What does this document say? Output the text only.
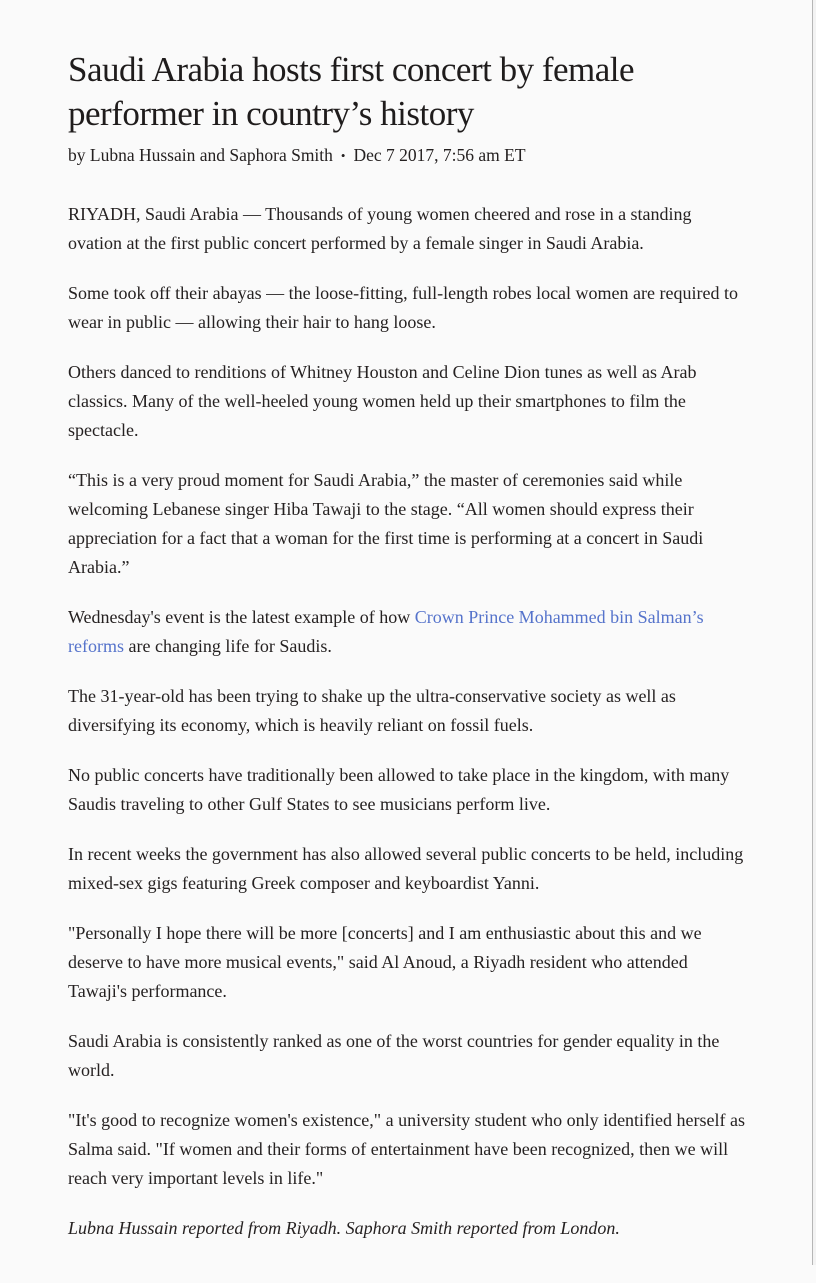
Saudi Arabia hosts first concert by female performer in country’s history
by Lubna Hussain and Saphora Smith • Dec 7 2017, 7:56 am ET

RIYADH, Saudi Arabia — Thousands of young women cheered and rose in a standing ovation at the first public concert performed by a female singer in Saudi Arabia.

Some took off their abayas — the loose-fitting, full-length robes local women are required to wear in public — allowing their hair to hang loose.

Others danced to renditions of Whitney Houston and Celine Dion tunes as well as Arab classics. Many of the well-heeled young women held up their smartphones to film the spectacle.

“This is a very proud moment for Saudi Arabia,” the master of ceremonies said while welcoming Lebanese singer Hiba Tawaji to the stage. “All women should express their appreciation for a fact that a woman for the first time is performing at a concert in Saudi Arabia.”

Wednesday's event is the latest example of how Crown Prince Mohammed bin Salman’s reforms are changing life for Saudis.

The 31-year-old has been trying to shake up the ultra-conservative society as well as diversifying its economy, which is heavily reliant on fossil fuels.

No public concerts have traditionally been allowed to take place in the kingdom, with many Saudis traveling to other Gulf States to see musicians perform live.

In recent weeks the government has also allowed several public concerts to be held, including mixed-sex gigs featuring Greek composer and keyboardist Yanni.

"Personally I hope there will be more [concerts] and I am enthusiastic about this and we deserve to have more musical events," said Al Anoud, a Riyadh resident who attended Tawaji's performance.

Saudi Arabia is consistently ranked as one of the worst countries for gender equality in the world.

"It's good to recognize women's existence," a university student who only identified herself as Salma said. "If women and their forms of entertainment have been recognized, then we will reach very important levels in life."

Lubna Hussain reported from Riyadh. Saphora Smith reported from London.
